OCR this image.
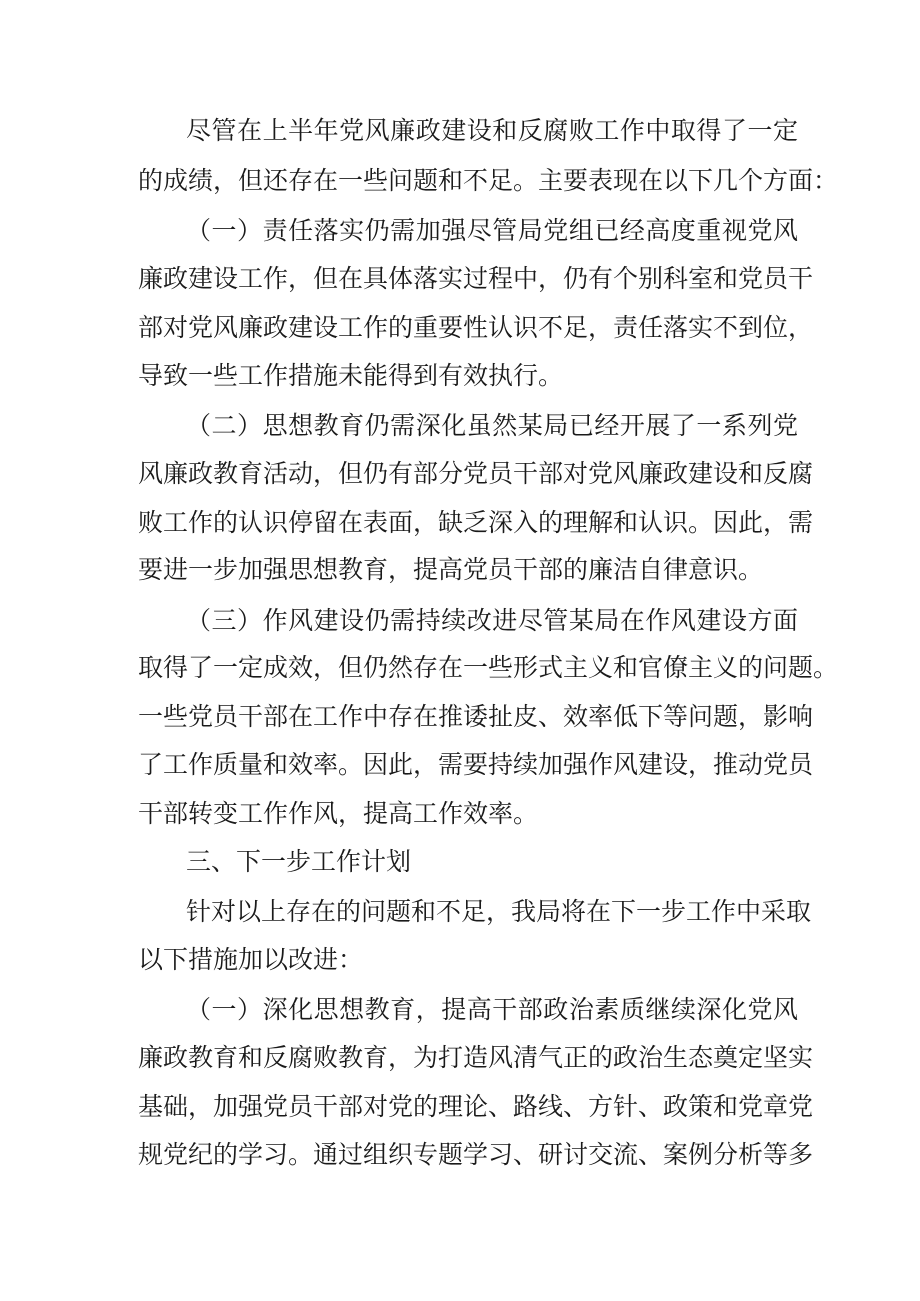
尽管在上半年党风廉政建设和反腐败工作中取得了一定
的成绩，但还存在一些问题和不足。主要表现在以下几个方面：
（一）责任落实仍需加强尽管局党组已经高度重视党风
廉政建设工作，但在具体落实过程中，仍有个别科室和党员干
部对党风廉政建设工作的重要性认识不足，责任落实不到位，
导致一些工作措施未能得到有效执行。
（二）思想教育仍需深化虽然某局已经开展了一系列党
风廉政教育活动，但仍有部分党员干部对党风廉政建设和反腐
败工作的认识停留在表面，缺乏深入的理解和认识。因此，需
要进一步加强思想教育，提高党员干部的廉洁自律意识。
（三）作风建设仍需持续改进尽管某局在作风建设方面
取得了一定成效，但仍然存在一些形式主义和官僚主义的问题。
一些党员干部在工作中存在推诿扯皮、效率低下等问题，影响
了工作质量和效率。因此，需要持续加强作风建设，推动党员
干部转变工作作风，提高工作效率。
三、下一步工作计划
针对以上存在的问题和不足，我局将在下一步工作中采取
以下措施加以改进：
（一）深化思想教育，提高干部政治素质继续深化党风
廉政教育和反腐败教育，为打造风清气正的政治生态奠定坚实
基础，加强党员干部对党的理论、路线、方针、政策和党章党
规党纪的学习。通过组织专题学习、研讨交流、案例分析等多
